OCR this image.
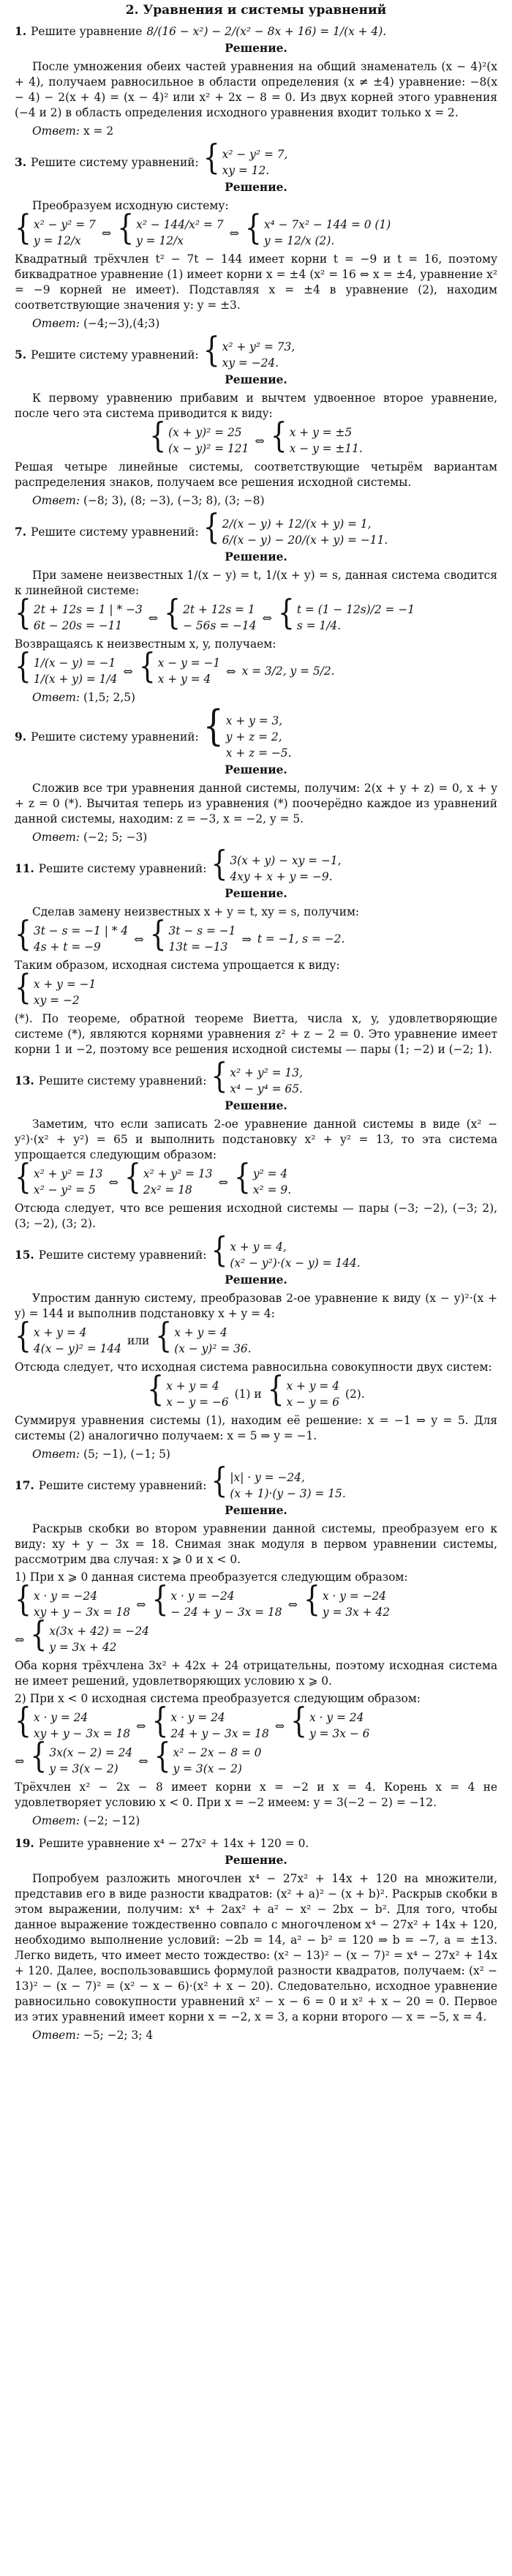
2. Уравнения и системы уравнений
1. Решите уравнение 8/(16 − x²) − 2/(x² − 8x + 16) = 1/(x + 4).
Решение.
После умножения обеих частей уравнения на общий знаменатель (x − 4)²(x + 4), получаем равносильное в области определения (x ≠ ±4) уравнение: −8(x − 4) − 2(x + 4) = (x − 4)² или x² + 2x − 8 = 0. Из двух корней этого уравнения (−4 и 2) в область определения исходного уравнения входит только x = 2.
Ответ: x = 2
3. Решите систему уравнений: { x² − y² = 7,
xy = 12.
Решение.
Преобразуем исходную систему:
{ x² − y² = 7
y = 12/x
⇔ { x² − 144/x² = 7
y = 12/x
⇔ { x⁴ − 7x² − 144 = 0 (1)
y = 12/x (2).
Квадратный трёхчлен t² − 7t − 144 имеет корни t = −9 и t = 16, поэтому биквадратное уравнение (1) имеет корни x = ±4 (x² = 16 ⇔ x = ±4, уравнение x² = −9 корней не имеет). Подставляя x = ±4 в уравнение (2), находим соответствующие значения y: y = ±3.
Ответ: (−4;−3),(4;3)
5. Решите систему уравнений: { x² + y² = 73,
xy = −24.
Решение.
К первому уравнению прибавим и вычтем удвоенное второе уравнение, после чего эта система приводится к виду:
{ (x + y)² = 25
(x − y)² = 121
⇔ { x + y = ±5
x − y = ±11.
Решая четыре линейные системы, соответствующие четырём вариантам распределения знаков, получаем все решения исходной системы.
Ответ: (−8; 3), (8; −3), (−3; 8), (3; −8)
7. Решите систему уравнений: { 2/(x − y) + 12/(x + y) = 1,
6/(x − y) − 20/(x + y) = −11.
Решение.
При замене неизвестных 1/(x − y) = t, 1/(x + y) = s, данная система сводится к линейной системе:
{ 2t + 12s = 1 | * −3
6t − 20s = −11
⇔ { 2t + 12s = 1
− 56s = −14
⇔ { t = (1 − 12s)/2 = −1
s = 1/4.
Возвращаясь к неизвестным x, y, получаем:
{ 1/(x − y) = −1
1/(x + y) = 1/4
⇔ { x − y = −1
x + y = 4
⇔ x = 3/2, y = 5/2.
Ответ: (1,5; 2,5)
9. Решите систему уравнений: { x + y = 3,
y + z = 2,
x + z = −5.
Решение.
Сложив все три уравнения данной системы, получим: 2(x + y + z) = 0, x + y + z = 0 (*). Вычитая теперь из уравнения (*) поочерёдно каждое из уравнений данной системы, находим: z = −3, x = −2, y = 5.
Ответ: (−2; 5; −3)
11. Решите систему уравнений: { 3(x + y) − xy = −1,
4xy + x + y = −9.
Решение.
Сделав замену неизвестных x + y = t, xy = s, получим:
{ 3t − s = −1 | * 4
4s + t = −9
⇔ { 3t − s = −1
13t = −13
⇒ t = −1, s = −2.
Таким образом, исходная система упрощается к виду:
{ x + y = −1
xy = −2
(*). По теореме, обратной теореме Виетта, числа x, y, удовлетворяющие системе (*), являются корнями уравнения z² + z − 2 = 0. Это уравнение имеет корни 1 и −2, поэтому все решения исходной системы — пары (1; −2) и (−2; 1).
13. Решите систему уравнений: { x² + y² = 13,
x⁴ − y⁴ = 65.
Решение.
Заметим, что если записать 2-ое уравнение данной системы в виде (x² − y²)·(x² + y²) = 65 и выполнить подстановку x² + y² = 13, то эта система упрощается следующим образом:
{ x² + y² = 13
x² − y² = 5
⇔ { x² + y² = 13
2x² = 18
⇔ { y² = 4
x² = 9.
Отсюда следует, что все решения исходной системы — пары (−3; −2), (−3; 2), (3; −2), (3; 2).
15. Решите систему уравнений: { x + y = 4,
(x² − y²)·(x − y) = 144.
Решение.
Упростим данную систему, преобразовав 2-ое уравнение к виду (x − y)²·(x + y) = 144 и выполнив подстановку x + y = 4:
{ x + y = 4
4(x − y)² = 144
или { x + y = 4
(x − y)² = 36.
Отсюда следует, что исходная система равносильна совокупности двух систем:
{ x + y = 4
x − y = −6
(1) и { x + y = 4
x − y = 6
(2).
Суммируя уравнения системы (1), находим её решение: x = −1 ⇒ y = 5. Для системы (2) аналогично получаем: x = 5 ⇒ y = −1.
Ответ: (5; −1), (−1; 5)
17. Решите систему уравнений: { |x| · y = −24,
(x + 1)·(y − 3) = 15.
Решение.
Раскрыв скобки во втором уравнении данной системы, преобразуем его к виду: xy + y − 3x = 18. Снимая знак модуля в первом уравнении системы, рассмотрим два случая: x ⩾ 0 и x < 0.
1) При x ⩾ 0 данная система преобразуется следующим образом:
{ x · y = −24
xy + y − 3x = 18
⇔ { x · y = −24
− 24 + y − 3x = 18
⇔ { x · y = −24
y = 3x + 42
⇔ { x(3x + 42) = −24
y = 3x + 42
Оба корня трёхчлена 3x² + 42x + 24 отрицательны, поэтому исходная система не имеет решений, удовлетворяющих условию x ⩾ 0.
2) При x < 0 исходная система преобразуется следующим образом:
{ x · y = 24
xy + y − 3x = 18
⇔ { x · y = 24
24 + y − 3x = 18
⇔ { x · y = 24
y = 3x − 6
⇔ { 3x(x − 2) = 24
y = 3(x − 2)
⇔ { x² − 2x − 8 = 0
y = 3(x − 2)
Трёхчлен x² − 2x − 8 имеет корни x = −2 и x = 4. Корень x = 4 не удовлетворяет условию x < 0. При x = −2 имеем: y = 3(−2 − 2) = −12.
Ответ: (−2; −12)
19. Решите уравнение x⁴ − 27x² + 14x + 120 = 0.
Решение.
Попробуем разложить многочлен x⁴ − 27x² + 14x + 120 на множители, представив его в виде разности квадратов: (x² + a)² − (x + b)². Раскрыв скобки в этом выражении, получим: x⁴ + 2ax² + a² − x² − 2bx − b². Для того, чтобы данное выражение тождественно совпало с многочленом x⁴ − 27x² + 14x + 120, необходимо выполнение условий: −2b = 14, a² − b² = 120 ⇒ b = −7, a = ±13. Легко видеть, что имеет место тождество: (x² − 13)² − (x − 7)² = x⁴ − 27x² + 14x + 120. Далее, воспользовавшись формулой разности квадратов, получаем: (x² − 13)² − (x − 7)² = (x² − x − 6)·(x² + x − 20). Следовательно, исходное уравнение равносильно совокупности уравнений x² − x − 6 = 0 и x² + x − 20 = 0. Первое из этих уравнений имеет корни x = −2, x = 3, а корни второго — x = −5, x = 4.
Ответ: −5; −2; 3; 4
